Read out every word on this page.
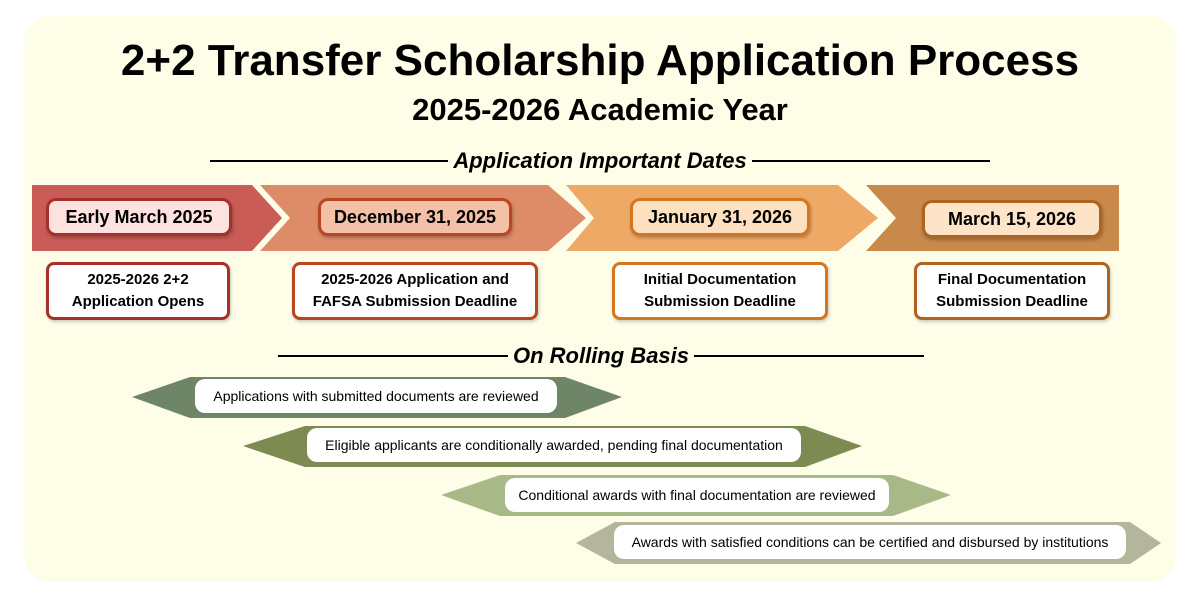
2+2 Transfer Scholarship Application Process
2025-2026 Academic Year
Application Important Dates
Early March 2025	December 31, 2025	January 31, 2026	March 15, 2026
2025-2026 2+2 Application Opens
2025-2026 Application and FAFSA Submission Deadline
Initial Documentation Submission Deadline
Final Documentation Submission Deadline
On Rolling Basis
Applications with submitted documents are reviewed
Eligible applicants are conditionally awarded, pending final documentation
Conditional awards with final documentation are reviewed
Awards with satisfied conditions can be certified and disbursed by institutions
